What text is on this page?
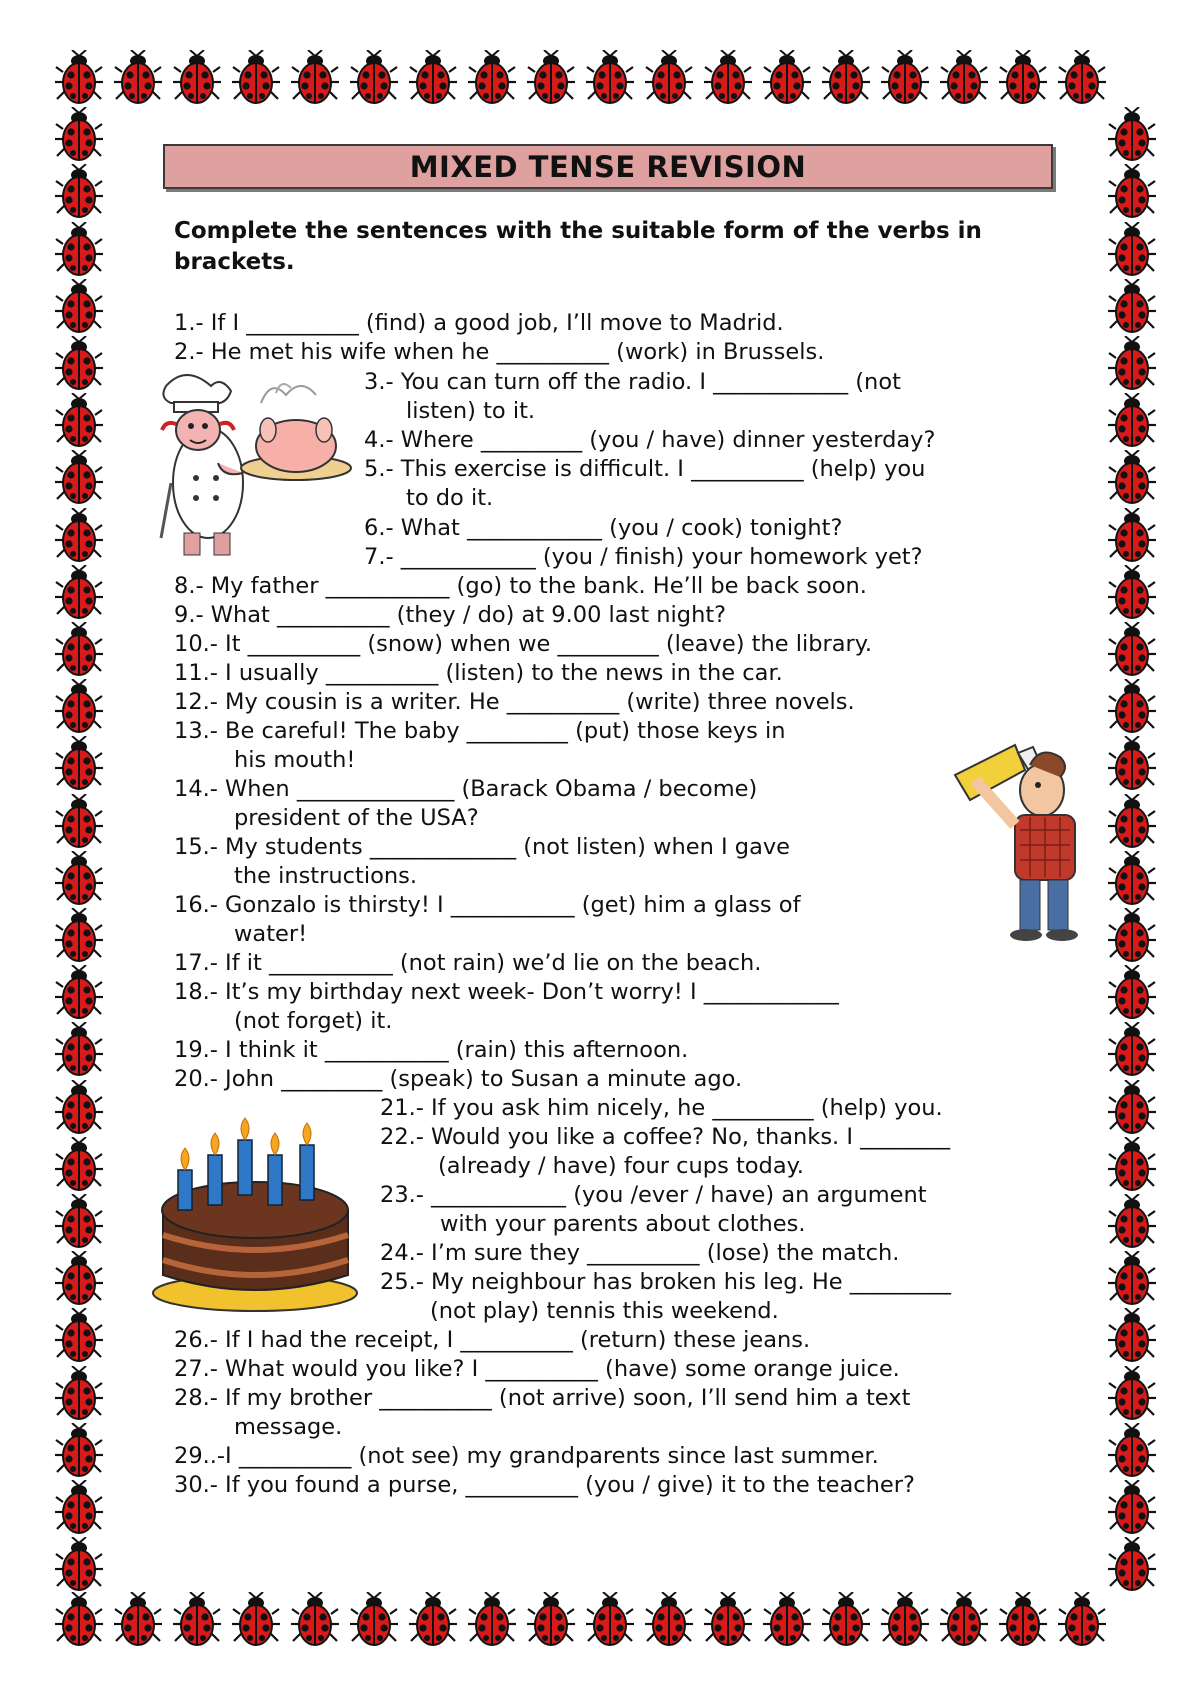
MIXED TENSE REVISION
Complete the sentences with the suitable form of the verbs in brackets.
1.- If I __________ (find) a good job, I’ll move to Madrid.
2.- He met his wife when he __________ (work) in Brussels.
3.- You can turn off the radio. I ____________ (not
listen) to it.
4.- Where _________ (you / have) dinner yesterday?
5.- This exercise is difficult. I __________ (help) you
to do it.
6.- What ____________ (you / cook) tonight?
7.- ____________ (you / finish) your homework yet?
8.- My father ___________ (go) to the bank. He’ll be back soon.
9.- What __________ (they / do) at 9.00 last night?
10.- It __________ (snow) when we _________ (leave) the library.
11.- I usually __________ (listen) to the news in the car.
12.- My cousin is a writer. He __________ (write) three novels.
13.- Be careful! The baby _________ (put) those keys in
his mouth!
14.- When ______________ (Barack Obama / become)
president of the USA?
15.- My students _____________ (not listen) when I gave
the instructions.
16.- Gonzalo is thirsty! I ___________ (get) him a glass of
water!
17.- If it ___________ (not rain) we’d lie on the beach.
18.- It’s my birthday next week- Don’t worry! I ____________
(not forget) it.
19.- I think it ___________ (rain) this afternoon.
20.- John _________ (speak) to Susan a minute ago.
21.- If you ask him nicely, he _________ (help) you.
22.- Would you like a coffee? No, thanks. I ________
(already / have) four cups today.
23.- ____________ (you /ever / have) an argument
with your parents about clothes.
24.- I’m sure they __________ (lose) the match.
25.- My neighbour has broken his leg. He _________
(not play) tennis this weekend.
26.- If I had the receipt, I __________ (return) these jeans.
27.- What would you like? I __________ (have) some orange juice.
28.- If my brother __________ (not arrive) soon, I’ll send him a text
message.
29..-I __________ (not see) my grandparents since last summer.
30.- If you found a purse, __________ (you / give) it to the teacher?
